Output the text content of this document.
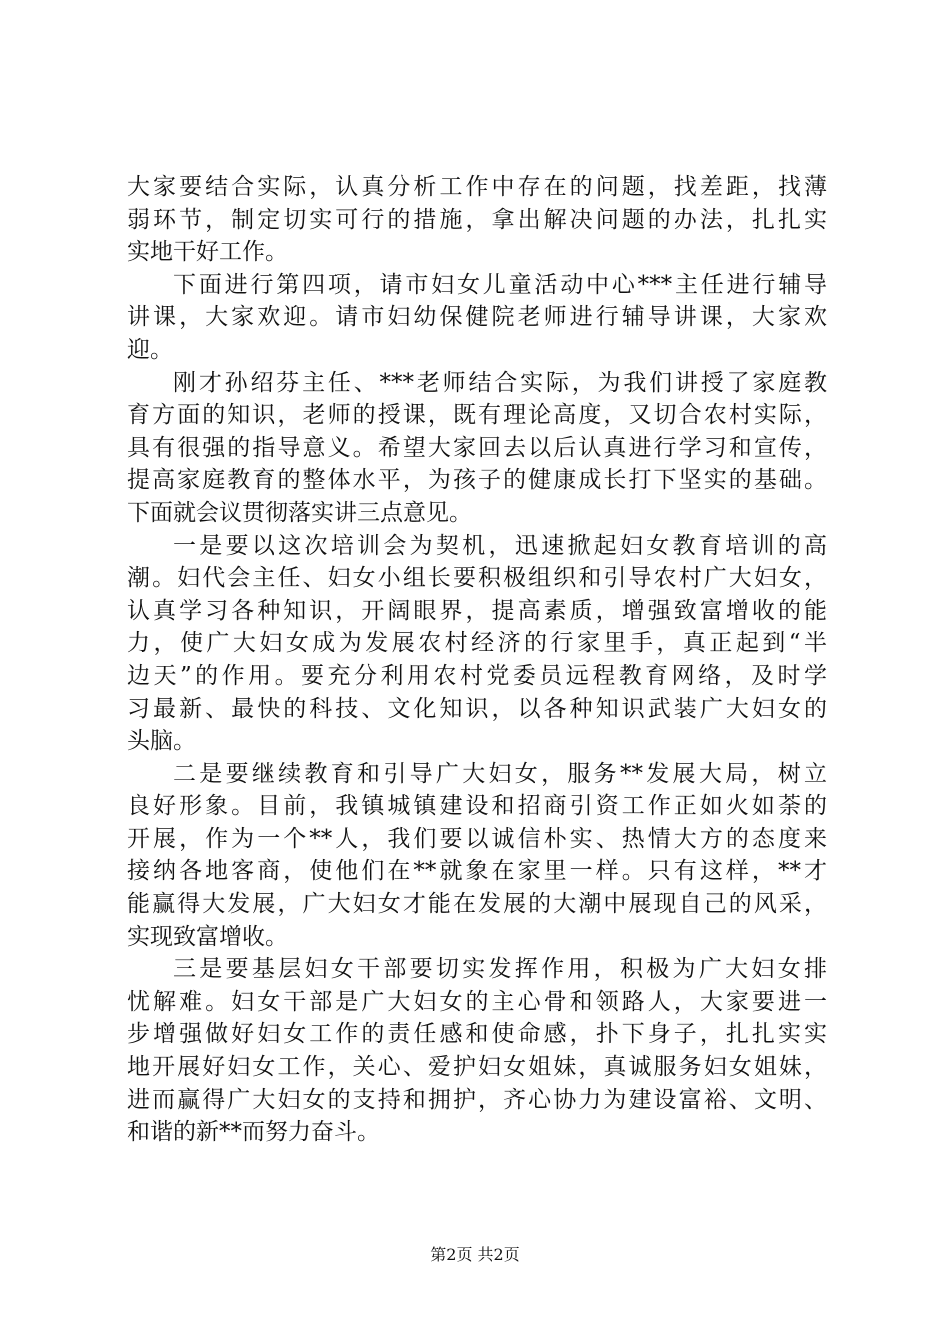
大家要结合实际，认真分析工作中存在的问题，找差距，找薄
弱环节，制定切实可行的措施，拿出解决问题的办法，扎扎实
实地干好工作。
下面进行第四项，请市妇女儿童活动中心***主任进行辅导
讲课，大家欢迎。请市妇幼保健院老师进行辅导讲课，大家欢
迎。
刚才孙绍芬主任、***老师结合实际，为我们讲授了家庭教
育方面的知识，老师的授课，既有理论高度，又切合农村实际，
具有很强的指导意义。希望大家回去以后认真进行学习和宣传，
提高家庭教育的整体水平，为孩子的健康成长打下坚实的基础。
下面就会议贯彻落实讲三点意见。
一是要以这次培训会为契机，迅速掀起妇女教育培训的高
潮。妇代会主任、妇女小组长要积极组织和引导农村广大妇女，
认真学习各种知识，开阔眼界，提高素质，增强致富增收的能
力，使广大妇女成为发展农村经济的行家里手，真正起到“半
边天”的作用。要充分利用农村党委员远程教育网络，及时学
习最新、最快的科技、文化知识，以各种知识武装广大妇女的
头脑。
二是要继续教育和引导广大妇女，服务**发展大局，树立
良好形象。目前，我镇城镇建设和招商引资工作正如火如荼的
开展，作为一个**人，我们要以诚信朴实、热情大方的态度来
接纳各地客商，使他们在**就象在家里一样。只有这样，**才
能赢得大发展，广大妇女才能在发展的大潮中展现自己的风采，
实现致富增收。
三是要基层妇女干部要切实发挥作用，积极为广大妇女排
忧解难。妇女干部是广大妇女的主心骨和领路人，大家要进一
步增强做好妇女工作的责任感和使命感，扑下身子，扎扎实实
地开展好妇女工作，关心、爱护妇女姐妹，真诚服务妇女姐妹，
进而赢得广大妇女的支持和拥护，齐心协力为建设富裕、文明、
和谐的新**而努力奋斗。
第2页 共2页
